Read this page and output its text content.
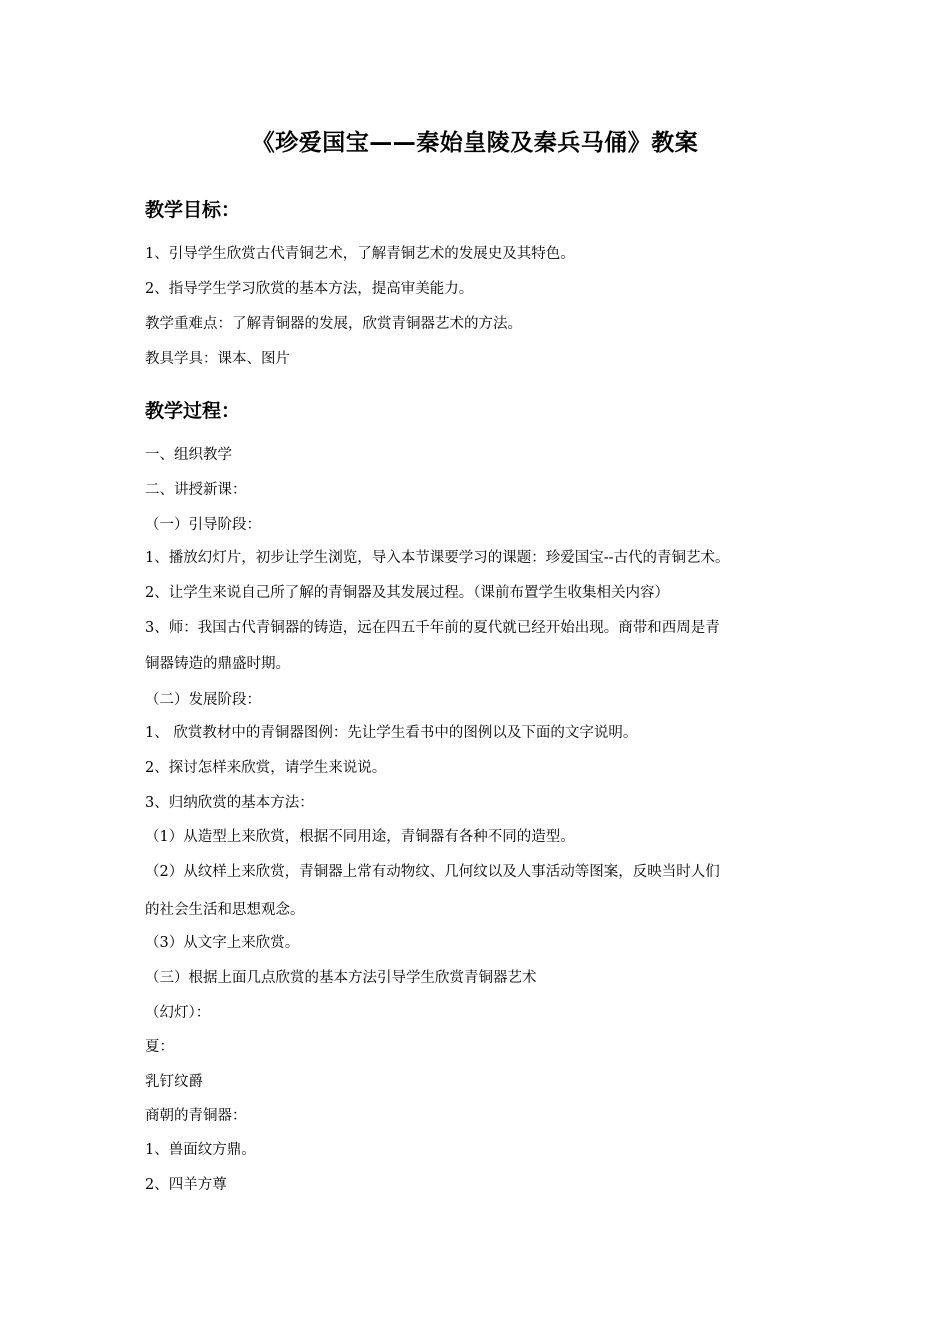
《珍爱国宝——秦始皇陵及秦兵马俑》教案
教学目标：
1、引导学生欣赏古代青铜艺术，了解青铜艺术的发展史及其特色。
2、指导学生学习欣赏的基本方法，提高审美能力。
教学重难点：了解青铜器的发展，欣赏青铜器艺术的方法。
教具学具：课本、图片
教学过程：
一、组织教学
二、讲授新课：
（一）引导阶段：
1、播放幻灯片，初步让学生浏览，导入本节课要学习的课题：珍爱国宝--古代的青铜艺术。
2、让学生来说自己所了解的青铜器及其发展过程。（课前布置学生收集相关内容）
3、师：我国古代青铜器的铸造，远在四五千年前的夏代就已经开始出现。商带和西周是青
铜器铸造的鼎盛时期。
（二）发展阶段：
1、 欣赏教材中的青铜器图例：先让学生看书中的图例以及下面的文字说明。
2、探讨怎样来欣赏，请学生来说说。
3、归纳欣赏的基本方法：
（1）从造型上来欣赏，根据不同用途，青铜器有各种不同的造型。
（2）从纹样上来欣赏，青铜器上常有动物纹、几何纹以及人事活动等图案，反映当时人们
的社会生活和思想观念。
（3）从文字上来欣赏。
（三）根据上面几点欣赏的基本方法引导学生欣赏青铜器艺术
（幻灯）：
夏：
乳钉纹爵
商朝的青铜器：
1、兽面纹方鼎。
2、四羊方尊
